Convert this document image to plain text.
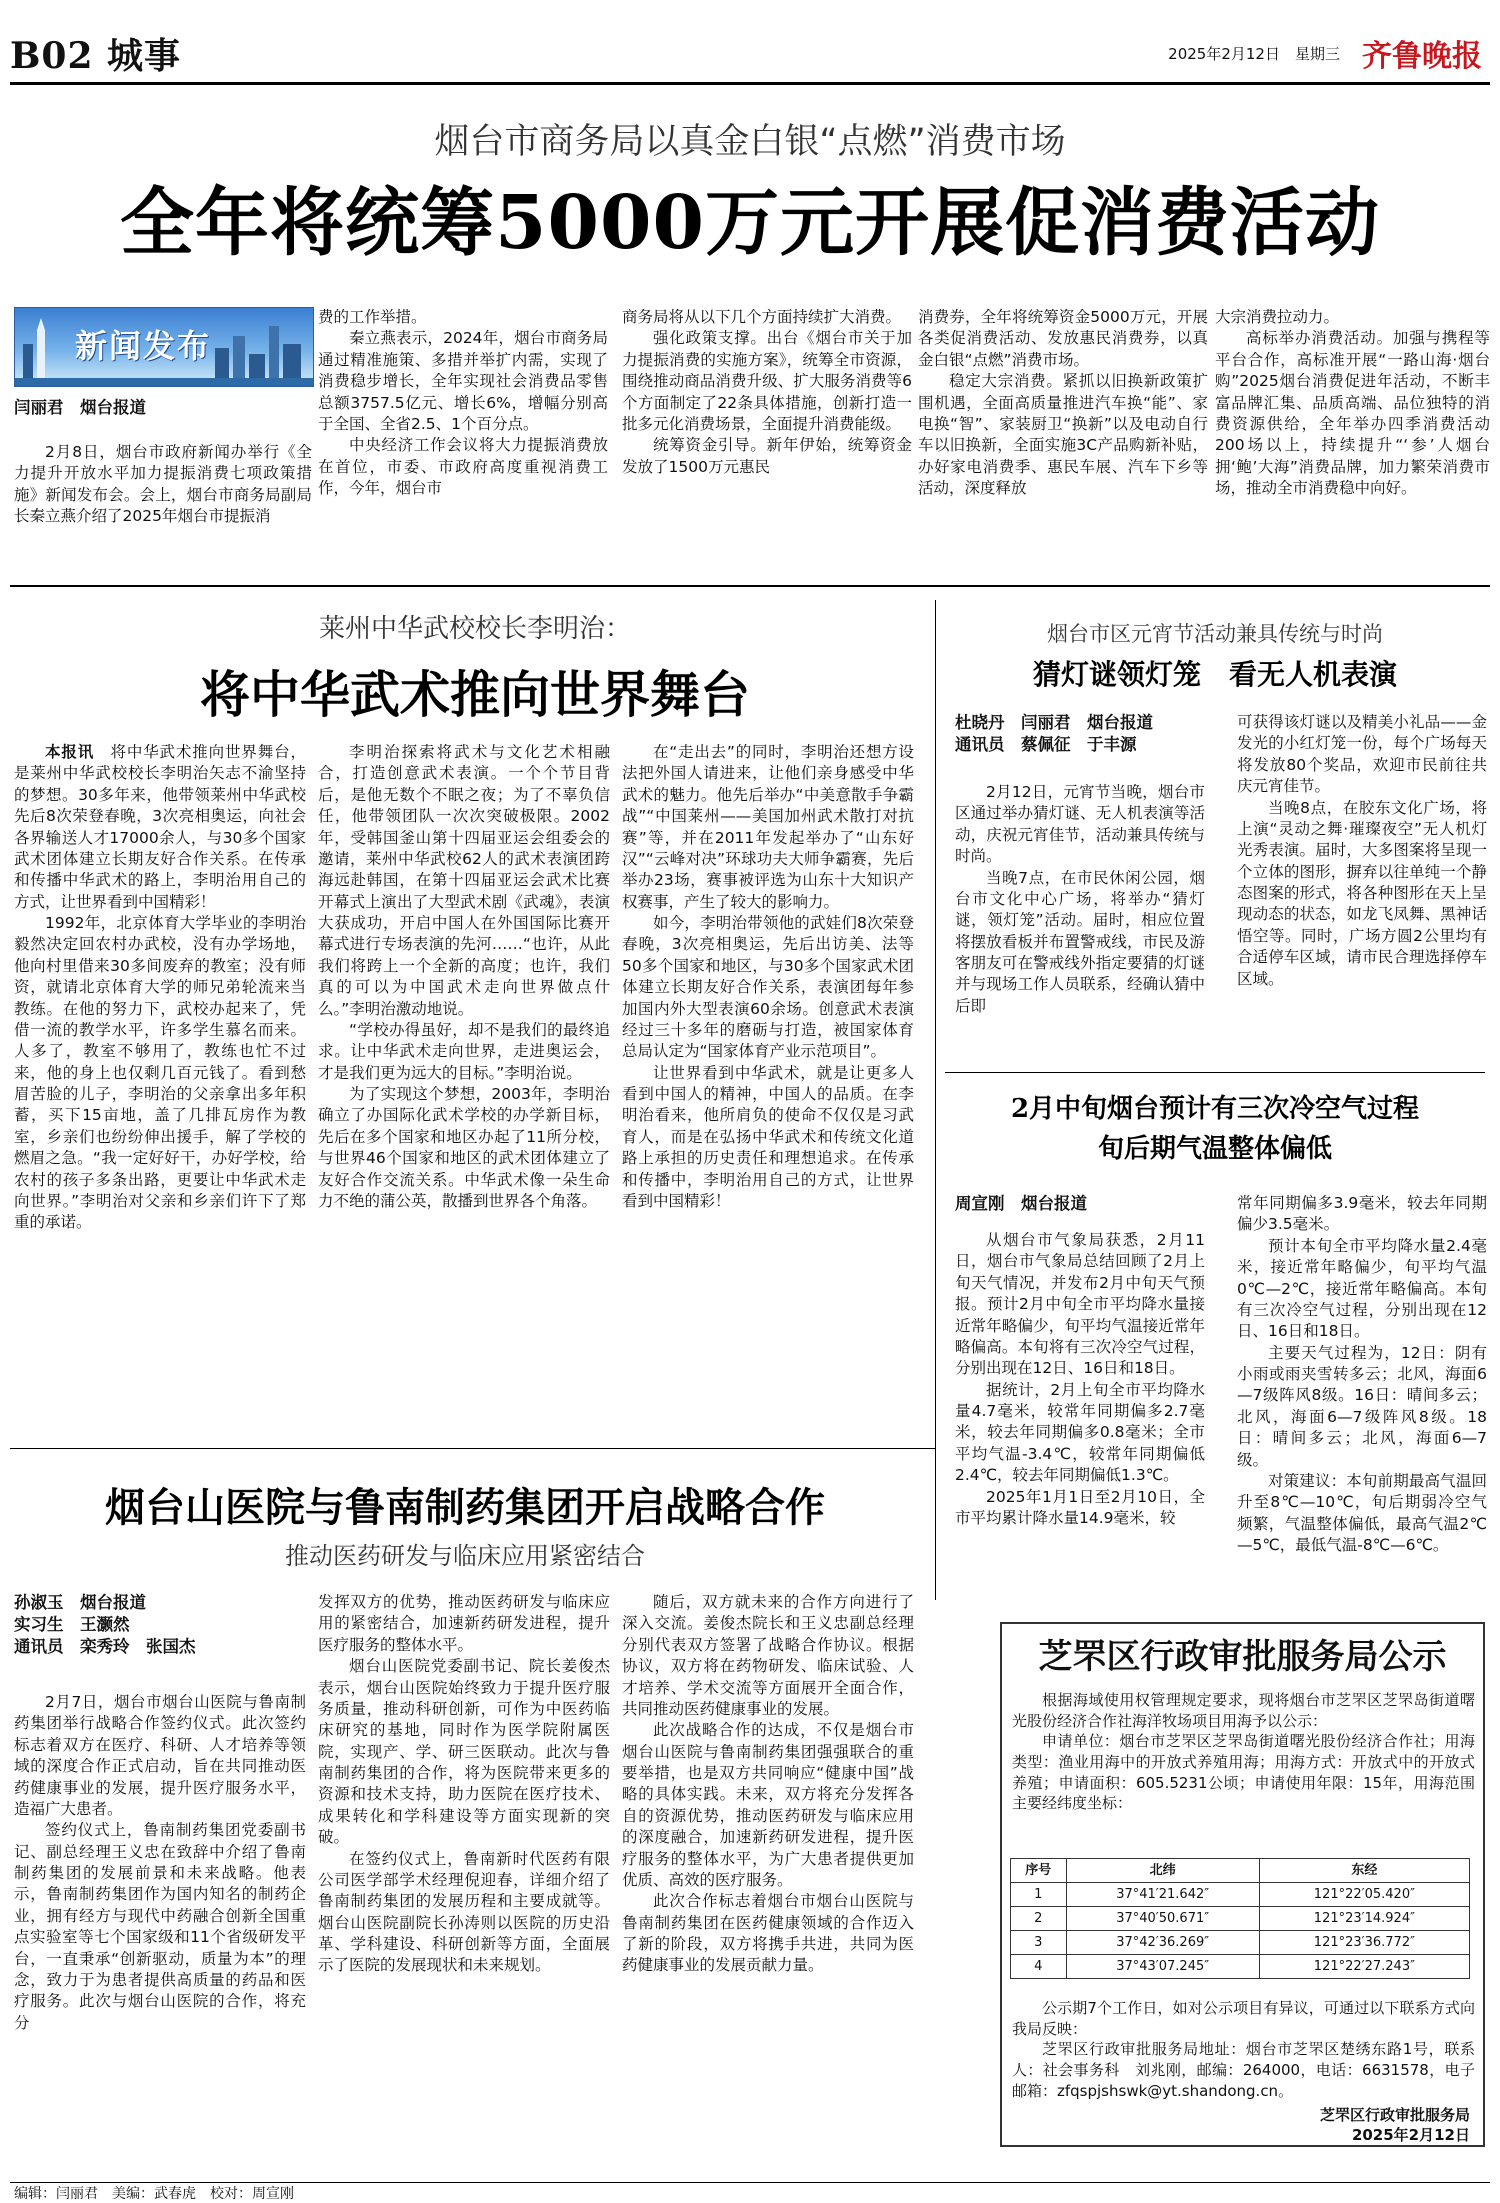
B02 城事	2025年2月12日　 星期三 齐鲁晚报
烟台市商务局以真金白银“点燃”消费市场
全年将统筹5000万元开展促消费活动
新闻发布
闫丽君　烟台报道

2月8日，烟台市政府新闻办举行《全力提升开放水平加力提振消费七项政策措施》新闻发布会。会上，烟台市商务局副局长秦立燕介绍了2025年烟台市提振消

费的工作举措。

秦立燕表示，2024年，烟台市商务局通过精准施策、多措并举扩内需，实现了消费稳步增长，全年实现社会消费品零售总额3757.5亿元、增长6%，增幅分别高于全国、全省2.5、1个百分点。

中央经济工作会议将大力提振消费放在首位，市委、市政府高度重视消费工作，今年，烟台市

商务局将从以下几个方面持续扩大消费。

强化政策支撑。出台《烟台市关于加力提振消费的实施方案》，统筹全市资源，围绕推动商品消费升级、扩大服务消费等6个方面制定了22条具体措施，创新打造一批多元化消费场景，全面提升消费能级。

统筹资金引导。新年伊始，统筹资金发放了1500万元惠民

消费券，全年将统筹资金5000万元，开展各类促消费活动、发放惠民消费券，以真金白银“点燃”消费市场。

稳定大宗消费。紧抓以旧换新政策扩围机遇，全面高质量推进汽车换“能”、家电换“智”、家装厨卫“换新”以及电动自行车以旧换新，全面实施3C产品购新补贴，办好家电消费季、惠民车展、汽车下乡等活动，深度释放

大宗消费拉动力。

高标举办消费活动。加强与携程等平台合作，高标准开展“一路山海·烟台购”2025烟台消费促进年活动，不断丰富品牌汇集、品质高端、品位独特的消费资源供给，全年举办四季消费活动200场以上，持续提升“‘参’人烟台　拥‘鲍’大海”消费品牌，加力繁荣消费市场，推动全市消费稳中向好。

莱州中华武校校长李明治：
将中华武术推向世界舞台

本报讯　 将中华武术推向世界舞台，是莱州中华武校校长李明治矢志不渝坚持的梦想。30多年来，他带领莱州中华武校先后8次荣登春晚，3次亮相奥运，向社会各界输送人才17000余人，与30多个国家武术团体建立长期友好合作关系。在传承和传播中华武术的路上，李明治用自己的方式，让世界看到中国精彩！

1992年，北京体育大学毕业的李明治毅然决定回农村办武校，没有办学场地，他向村里借来30多间废弃的教室；没有师资，就请北京体育大学的师兄弟轮流来当教练。在他的努力下，武校办起来了，凭借一流的教学水平，许多学生慕名而来。人多了，教室不够用了，教练也忙不过来，他的身上也仅剩几百元钱了。看到愁眉苦脸的儿子，李明治的父亲拿出多年积蓄，买下15亩地，盖了几排瓦房作为教室，乡亲们也纷纷伸出援手，解了学校的燃眉之急。“我一定好好干，办好学校，给农村的孩子多条出路，更要让中华武术走向世界。”李明治对父亲和乡亲们许下了郑重的承诺。

李明治探索将武术与文化艺术相融合，打造创意武术表演。一个个节目背后，是他无数个不眠之夜；为了不辜负信任，他带领团队一次次突破极限。2002年，受韩国釜山第十四届亚运会组委会的邀请，莱州中华武校62人的武术表演团跨海远赴韩国，在第十四届亚运会武术比赛开幕式上演出了大型武术剧《武魂》，表演大获成功，开启中国人在外国国际比赛开幕式进行专场表演的先河……“也许，从此我们将跨上一个全新的高度；也许，我们真的可以为中国武术走向世界做点什么。”李明治激动地说。

“学校办得虽好，却不是我们的最终追求。让中华武术走向世界，走进奥运会，才是我们更为远大的目标。”李明治说。

为了实现这个梦想，2003年，李明治确立了办国际化武术学校的办学新目标，先后在多个国家和地区办起了11所分校，与世界46个国家和地区的武术团体建立了友好合作交流关系。中华武术像一朵生命力不绝的蒲公英，散播到世界各个角落。

在“走出去”的同时，李明治还想方设法把外国人请进来，让他们亲身感受中华武术的魅力。他先后举办“中美意散手争霸战”“中国莱州——美国加州武术散打对抗赛”等，并在2011年发起举办了“山东好汉”“云峰对决”环球功夫大师争霸赛，先后举办23场，赛事被评选为山东十大知识产权赛事，产生了较大的影响力。

如今，李明治带领他的武娃们8次荣登春晚，3次亮相奥运，先后出访美、法等50多个国家和地区，与30多个国家武术团体建立长期友好合作关系，表演团每年参加国内外大型表演60余场。创意武术表演经过三十多年的磨砺与打造，被国家体育总局认定为“国家体育产业示范项目”。

让世界看到中华武术，就是让更多人看到中国人的精神，中国人的品质。在李明治看来，他所肩负的使命不仅仅是习武育人，而是在弘扬中华武术和传统文化道路上承担的历史责任和理想追求。在传承和传播中，李明治用自己的方式，让世界看到中国精彩！

烟台市区元宵节活动兼具传统与时尚
猜灯谜领灯笼　看无人机表演
杜晓丹　闫丽君　烟台报道
通讯员　蔡佩征　于丰源

2月12日，元宵节当晚，烟台市区通过举办猜灯谜、无人机表演等活动，庆祝元宵佳节，活动兼具传统与时尚。

当晚7点，在市民休闲公园，烟台市文化中心广场，将举办“猜灯谜，领灯笼”活动。届时，相应位置将摆放看板并布置警戒线，市民及游客朋友可在警戒线外指定要猜的灯谜并与现场工作人员联系，经确认猜中后即

可获得该灯谜以及精美小礼品——金发光的小红灯笼一份，每个广场每天将发放80个奖品，欢迎市民前往共庆元宵佳节。

当晚8点，在胶东文化广场，将上演“灵动之舞·璀璨夜空”无人机灯光秀表演。届时，大多图案将呈现一个立体的图形，摒弃以往单纯一个静态图案的形式，将各种图形在天上呈现动态的状态，如龙飞凤舞、黑神话悟空等。同时，广场方圆2公里均有合适停车区域，请市民合理选择停车区域。

2月中旬烟台预计有三次冷空气过程
旬后期气温整体偏低
周宣刚　烟台报道

从烟台市气象局获悉，2月11日，烟台市气象局总结回顾了2月上旬天气情况，并发布2月中旬天气预报。预计2月中旬全市平均降水量接近常年略偏少，旬平均气温接近常年略偏高。本旬将有三次冷空气过程，分别出现在12日、16日和18日。

据统计，2月上旬全市平均降水量4.7毫米，较常年同期偏多2.7毫米，较去年同期偏多0.8毫米；全市平均气温-3.4℃，较常年同期偏低2.4℃，较去年同期偏低1.3℃。

2025年1月1日至2月10日，全市平均累计降水量14.9毫米，较

常年同期偏多3.9毫米，较去年同期偏少3.5毫米。

预计本旬全市平均降水量2.4毫米，接近常年略偏少，旬平均气温0℃—2℃，接近常年略偏高。本旬有三次冷空气过程，分别出现在12日、16日和18日。

主要天气过程为，12日：阴有小雨或雨夹雪转多云；北风，海面6—7级阵风8级。16日：晴间多云；北风，海面6—7级阵风8级。18日：晴间多云；北风，海面6—7级。

对策建议：本旬前期最高气温回升至8℃—10℃，旬后期弱冷空气频繁，气温整体偏低，最高气温2℃—5℃，最低气温-8℃—6℃。

烟台山医院与鲁南制药集团开启战略合作
推动医药研发与临床应用紧密结合
孙淑玉　烟台报道
实习生　王灏然
通讯员　栾秀玲　张国杰

2月7日，烟台市烟台山医院与鲁南制药集团举行战略合作签约仪式。此次签约标志着双方在医疗、科研、人才培养等领域的深度合作正式启动，旨在共同推动医药健康事业的发展，提升医疗服务水平，造福广大患者。

签约仪式上，鲁南制药集团党委副书记、副总经理王义忠在致辞中介绍了鲁南制药集团的发展前景和未来战略。他表示，鲁南制药集团作为国内知名的制药企业，拥有经方与现代中药融合创新全国重点实验室等七个国家级和11个省级研发平台，一直秉承“创新驱动，质量为本”的理念，致力于为患者提供高质量的药品和医疗服务。此次与烟台山医院的合作，将充分

发挥双方的优势，推动医药研发与临床应用的紧密结合，加速新药研发进程，提升医疗服务的整体水平。

烟台山医院党委副书记、院长姜俊杰表示，烟台山医院始终致力于提升医疗服务质量，推动科研创新，可作为中医药临床研究的基地，同时作为医学院附属医院，实现产、学、研三医联动。此次与鲁南制药集团的合作，将为医院带来更多的资源和技术支持，助力医院在医疗技术、成果转化和学科建设等方面实现新的突破。

在签约仪式上，鲁南新时代医药有限公司医学部学术经理倪迎春，详细介绍了鲁南制药集团的发展历程和主要成就等。烟台山医院副院长孙涛则以医院的历史沿革、学科建设、科研创新等方面，全面展示了医院的发展现状和未来规划。

随后，双方就未来的合作方向进行了深入交流。姜俊杰院长和王义忠副总经理分别代表双方签署了战略合作协议。根据协议，双方将在药物研发、临床试验、人才培养、学术交流等方面展开全面合作，共同推动医药健康事业的发展。

此次战略合作的达成，不仅是烟台市烟台山医院与鲁南制药集团强强联合的重要举措，也是双方共同响应“健康中国”战略的具体实践。未来，双方将充分发挥各自的资源优势，推动医药研发与临床应用的深度融合，加速新药研发进程，提升医疗服务的整体水平，为广大患者提供更加优质、高效的医疗服务。

此次合作标志着烟台市烟台山医院与鲁南制药集团在医药健康领域的合作迈入了新的阶段，双方将携手共进，共同为医药健康事业的发展贡献力量。

芝罘区行政审批服务局公示

根据海域使用权管理规定要求，现将烟台市芝罘区芝罘岛街道曙光股份经济合作社海洋牧场项目用海予以公示：

申请单位：烟台市芝罘区芝罘岛街道曙光股份经济合作社；用海类型：渔业用海中的开放式养殖用海；用海方式：开放式中的开放式养殖；申请面积：605.5231公顷；申请使用年限：15年，用海范围主要经纬度坐标：

序号	北纬	东经
1	37°41′21.642″	121°22′05.420″
2	37°40′50.671″	121°23′14.924″
3	37°42′36.269″	121°23′36.772″
4	37°43′07.245″	121°22′27.243″

公示期7个工作日，如对公示项目有异议，可通过以下联系方式向我局反映：

芝罘区行政审批服务局地址：烟台市芝罘区楚绣东路1号，联系人：社会事务科　刘兆刚，邮编：264000，电话：6631578，电子邮箱：zfqspjshswk@yt.shandong.cn。

芝罘区行政审批服务局
2025年2月12日
编辑：闫丽君　美编：武春虎　校对：周宣刚
